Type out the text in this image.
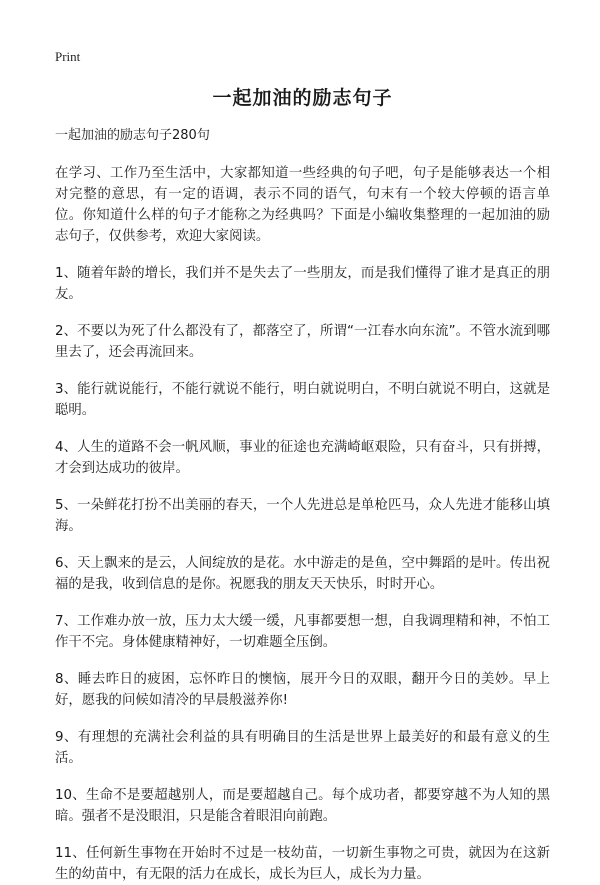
Print
一起加油的励志句子

一起加油的励志句子280句

在学习、工作乃至生活中，大家都知道一些经典的句子吧，句子是能够表达一个相对完整的意思，有一定的语调，表示不同的语气，句末有一个较大停顿的语言单位。你知道什么样的句子才能称之为经典吗？下面是小编收集整理的一起加油的励志句子，仅供参考，欢迎大家阅读。

1、随着年龄的增长，我们并不是失去了一些朋友，而是我们懂得了谁才是真正的朋友。

2、不要以为死了什么都没有了，都落空了，所谓“一江春水向东流”。不管水流到哪里去了，还会再流回来。

3、能行就说能行，不能行就说不能行，明白就说明白，不明白就说不明白，这就是聪明。

4、人生的道路不会一帆风顺，事业的征途也充满崎岖艰险，只有奋斗，只有拼搏，才会到达成功的彼岸。

5、一朵鲜花打扮不出美丽的春天，一个人先进总是单枪匹马，众人先进才能移山填海。

6、天上飘来的是云，人间绽放的是花。水中游走的是鱼，空中舞蹈的是叶。传出祝福的是我，收到信息的是你。祝愿我的朋友天天快乐，时时开心。

7、工作难办放一放，压力太大缓一缓，凡事都要想一想，自我调理精和神，不怕工作干不完。身体健康精神好，一切难题全压倒。

8、睡去昨日的疲困，忘怀昨日的懊恼，展开今日的双眼，翻开今日的美妙。早上好，愿我的问候如清冷的早晨般滋养你!

9、有理想的充满社会利益的具有明确目的生活是世界上最美好的和最有意义的生活。

10、生命不是要超越别人，而是要超越自己。每个成功者，都要穿越不为人知的黑暗。强者不是没眼泪，只是能含着眼泪向前跑。

11、任何新生事物在开始时不过是一枝幼苗，一切新生事物之可贵，就因为在这新生的幼苗中，有无限的活力在成长，成长为巨人，成长为力量。
